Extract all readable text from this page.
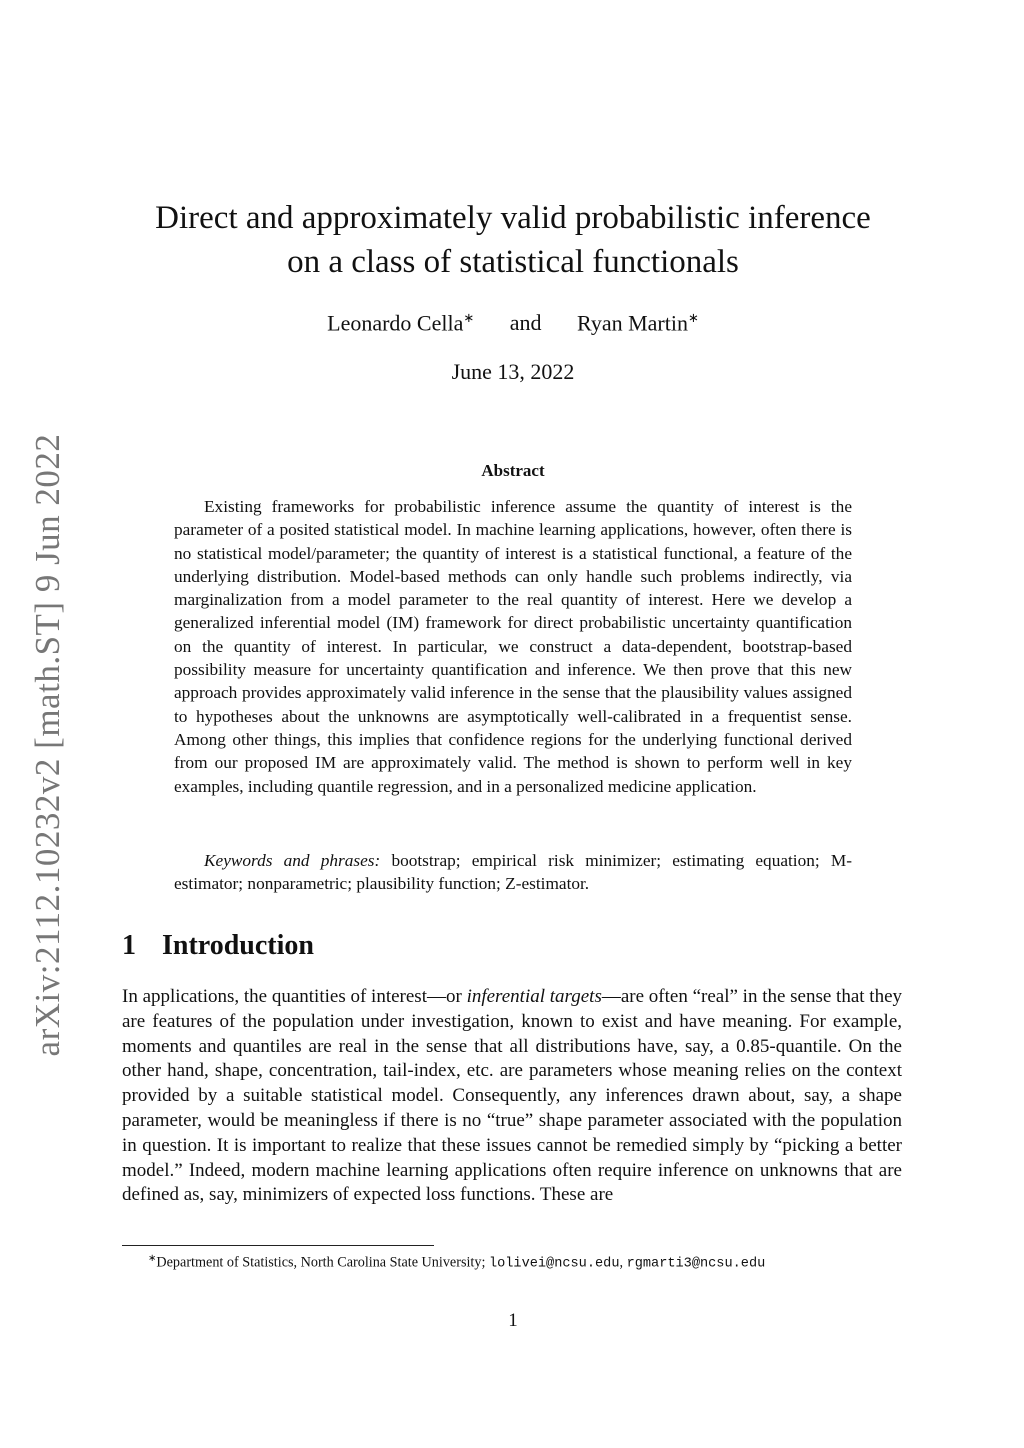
arXiv:2112.10232v2 [math.ST] 9 Jun 2022
Direct and approximately valid probabilistic inference
on a class of statistical functionals
Leonardo Cella∗ and Ryan Martin∗
June 13, 2022
Abstract

Existing frameworks for probabilistic inference assume the quantity of interest is the parameter of a posited statistical model. In machine learning applications, however, often there is no statistical model/parameter; the quantity of interest is a statistical functional, a feature of the underlying distribution. Model-based methods can only handle such problems indirectly, via marginalization from a model parameter to the real quantity of interest. Here we develop a generalized inferential model (IM) framework for direct probabilistic uncertainty quantification on the quantity of interest. In particular, we construct a data-dependent, bootstrap-based possibility measure for uncertainty quantification and inference. We then prove that this new approach provides approximately valid inference in the sense that the plausibility values assigned to hypotheses about the unknowns are asymptotically well-calibrated in a frequentist sense. Among other things, this implies that confidence regions for the underlying functional derived from our proposed IM are approximately valid. The method is shown to perform well in key examples, including quantile regression, and in a personalized medicine application.

Keywords and phrases: bootstrap; empirical risk minimizer; estimating equation; M-estimator; nonparametric; plausibility function; Z-estimator.

1 Introduction

In applications, the quantities of interest—or inferential targets—are often “real” in the sense that they are features of the population under investigation, known to exist and have meaning. For example, moments and quantiles are real in the sense that all distributions have, say, a 0.85-quantile. On the other hand, shape, concentration, tail-index, etc. are parameters whose meaning relies on the context provided by a suitable statistical model. Consequently, any inferences drawn about, say, a shape parameter, would be meaningless if there is no “true” shape parameter associated with the population in question. It is important to realize that these issues cannot be remedied simply by “picking a better model.” Indeed, modern machine learning applications often require inference on unknowns that are defined as, say, minimizers of expected loss functions. These are

∗Department of Statistics, North Carolina State University; lolivei@ncsu.edu, rgmarti3@ncsu.edu
1
